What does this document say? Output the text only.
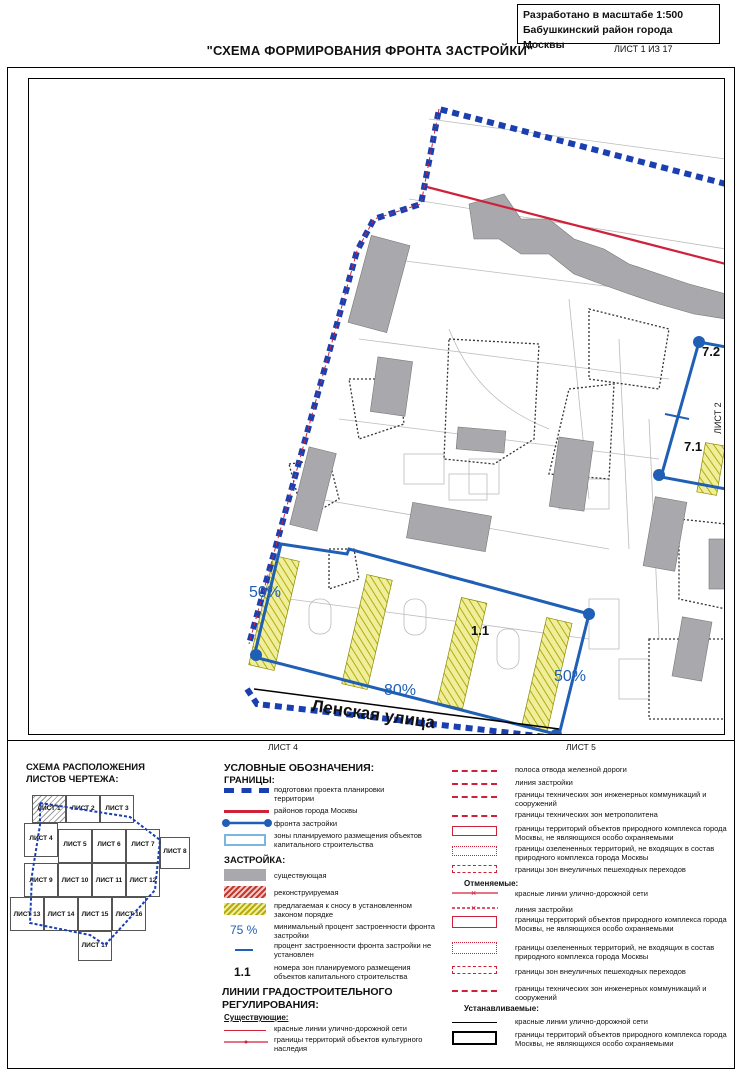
Разработано в масштабе 1:500
Бабушкинский район города Москвы
"СХЕМА ФОРМИРОВАНИЯ ФРОНТА ЗАСТРОЙКИ"	ЛИСТ 1 ИЗ 17
Ленская улица
50%
80%
50%
1.1
7.1
7.2
ЛИСТ 2
ЛИСТ 4	ЛИСТ 5
СХЕМА РАСПОЛОЖЕНИЯ ЛИСТОВ ЧЕРТЕЖА:
ЛИСТ 1	ЛИСТ 2	ЛИСТ 3
ЛИСТ 4
ЛИСТ 5	ЛИСТ 6	ЛИСТ 7
ЛИСТ 8
ЛИСТ 9	ЛИСТ 10	ЛИСТ 11	ЛИСТ 12
ЛИСТ 13	ЛИСТ 14	ЛИСТ 15	ЛИСТ 16
ЛИСТ 17
УСЛОВНЫЕ ОБОЗНАЧЕНИЯ:
ГРАНИЦЫ:
подготовки проекта планировки территории
районов города Москвы
фронта застройки
зоны планируемого размещения объектов капитального строительства
ЗАСТРОЙКА:
существующая
реконструируемая
предлагаемая к сносу в установленном законом порядке
75 % минимальный процент застроенности фронта застройки
процент застроенности фронта застройки не установлен
1.1	номера зон планируемого размещения объектов капитального строительства
ЛИНИИ ГРАДОСТРОИТЕЛЬНОГО РЕГУЛИРОВАНИЯ:
Существующие:
красные линии улично-дорожной сети
границы территорий объектов культурного наследия
полоса отвода железной дороги
линия застройки
границы технических зон инженерных коммуникаций и сооружений
границы технических зон метрополитена
границы территорий объектов природного комплекса города Москвы, не являющихся особо охраняемыми
границы озелененных территорий, не входящих в состав природного комплекса города Москвы
границы зон внеуличных пешеходных переходов
Отменяемые:
×	красные линии улично-дорожной сети
×	линия застройки
границы территорий объектов природного комплекса города Москвы, не являющихся особо охраняемыми
границы озелененных территорий, не входящих в состав природного комплекса города Москвы
границы зон внеуличных пешеходных переходов
границы технических зон инженерных коммуникаций и сооружений
Устанавливаемые:
красные линии улично-дорожной сети
границы территорий объектов природного комплекса города Москвы, не являющихся особо охраняемыми
